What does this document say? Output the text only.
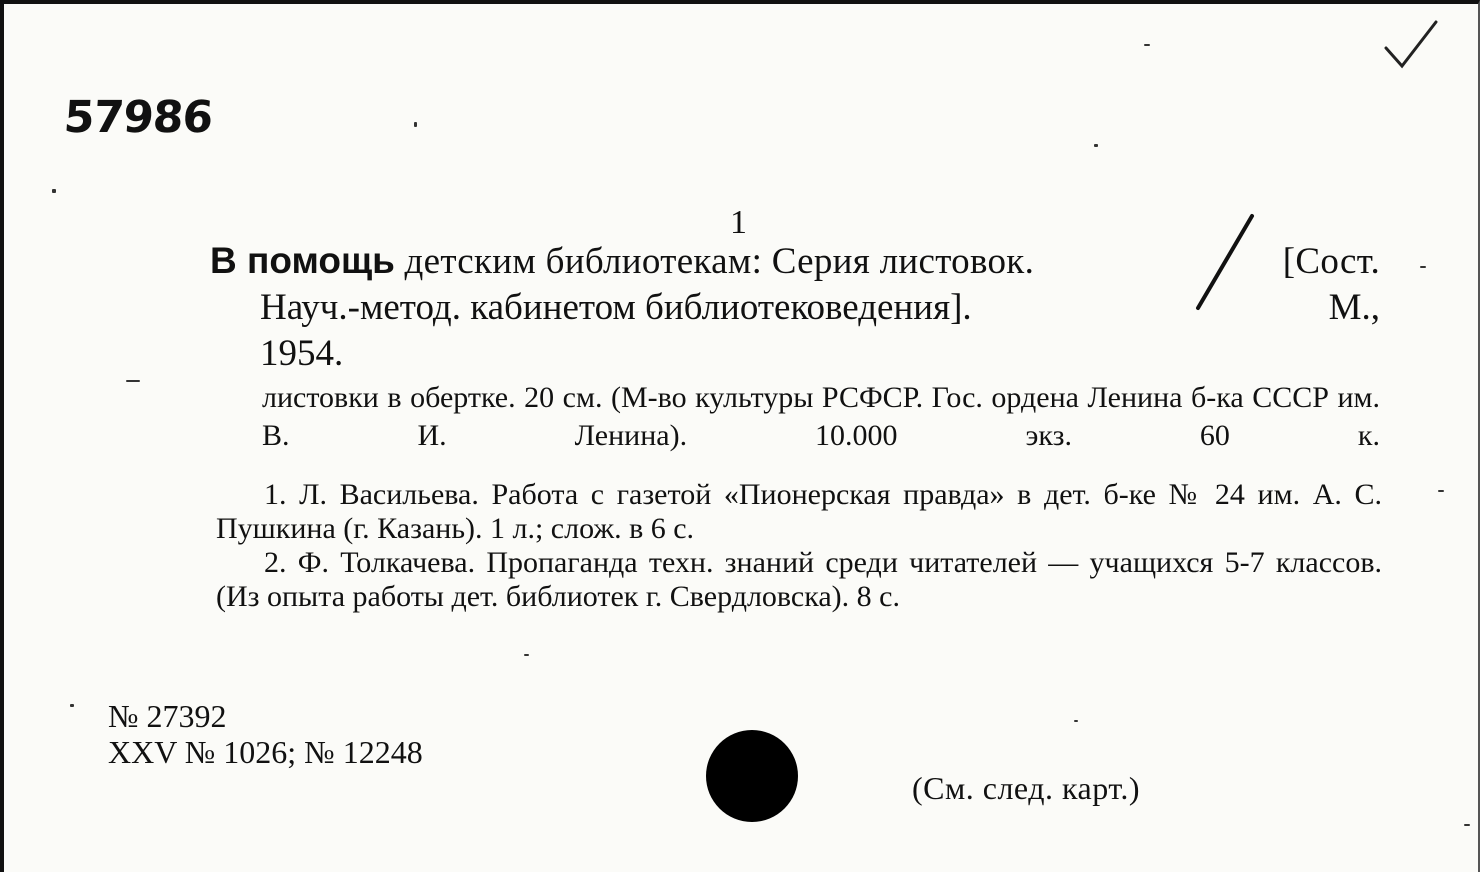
57986
1
В помощь детским библиотекам: Серия листовок.	[Сост.
Науч.-метод. кабинетом библиотековедения].	М.,
1954.
листовки в обертке. 20 см. (М-во культуры РСФСР. Гос. ордена Ленина б-ка СССР им. В. И. Ленина). 10.000 экз. 60 к.

1. Л. Васильева. Работа с газетой «Пионерская правда» в дет. б-ке № 24 им. А. С. Пушкина (г. Казань). 1 л.; слож. в 6 с.

2. Ф. Толкачева. Пропаганда техн. знаний среди читателей — учащихся 5-7 классов. (Из опыта работы дет. библиотек г. Свердловска). 8 с.

№ 27392
XXV № 1026; № 12248
(См. след. карт.)
